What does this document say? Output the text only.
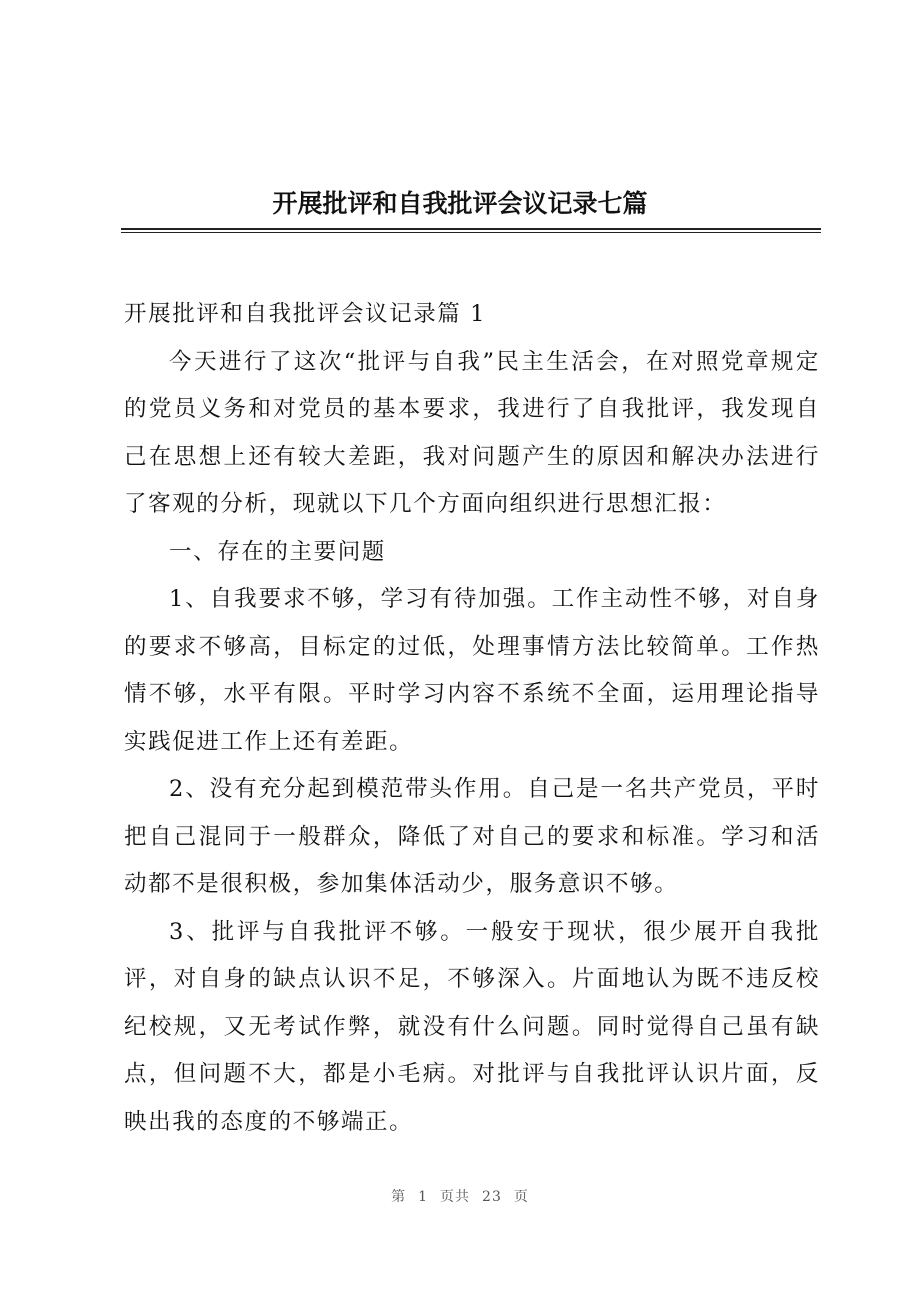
开展批评和自我批评会议记录七篇

开展批评和自我批评会议记录篇 1

今天进行了这次“批评与自我”民主生活会，在对照党章规定的党员义务和对党员的基本要求，我进行了自我批评，我发现自己在思想上还有较大差距，我对问题产生的原因和解决办法进行了客观的分析，现就以下几个方面向组织进行思想汇报：

一、存在的主要问题

1、自我要求不够，学习有待加强。工作主动性不够，对自身的要求不够高，目标定的过低，处理事情方法比较简单。工作热情不够，水平有限。平时学习内容不系统不全面，运用理论指导实践促进工作上还有差距。

2、没有充分起到模范带头作用。自己是一名共产党员，平时把自己混同于一般群众，降低了对自己的要求和标准。学习和活动都不是很积极，参加集体活动少，服务意识不够。

3、批评与自我批评不够。一般安于现状，很少展开自我批评，对自身的缺点认识不足，不够深入。片面地认为既不违反校纪校规，又无考试作弊，就没有什么问题。同时觉得自己虽有缺点，但问题不大，都是小毛病。对批评与自我批评认识片面，反映出我的态度的不够端正。

第 1 页共 23 页
